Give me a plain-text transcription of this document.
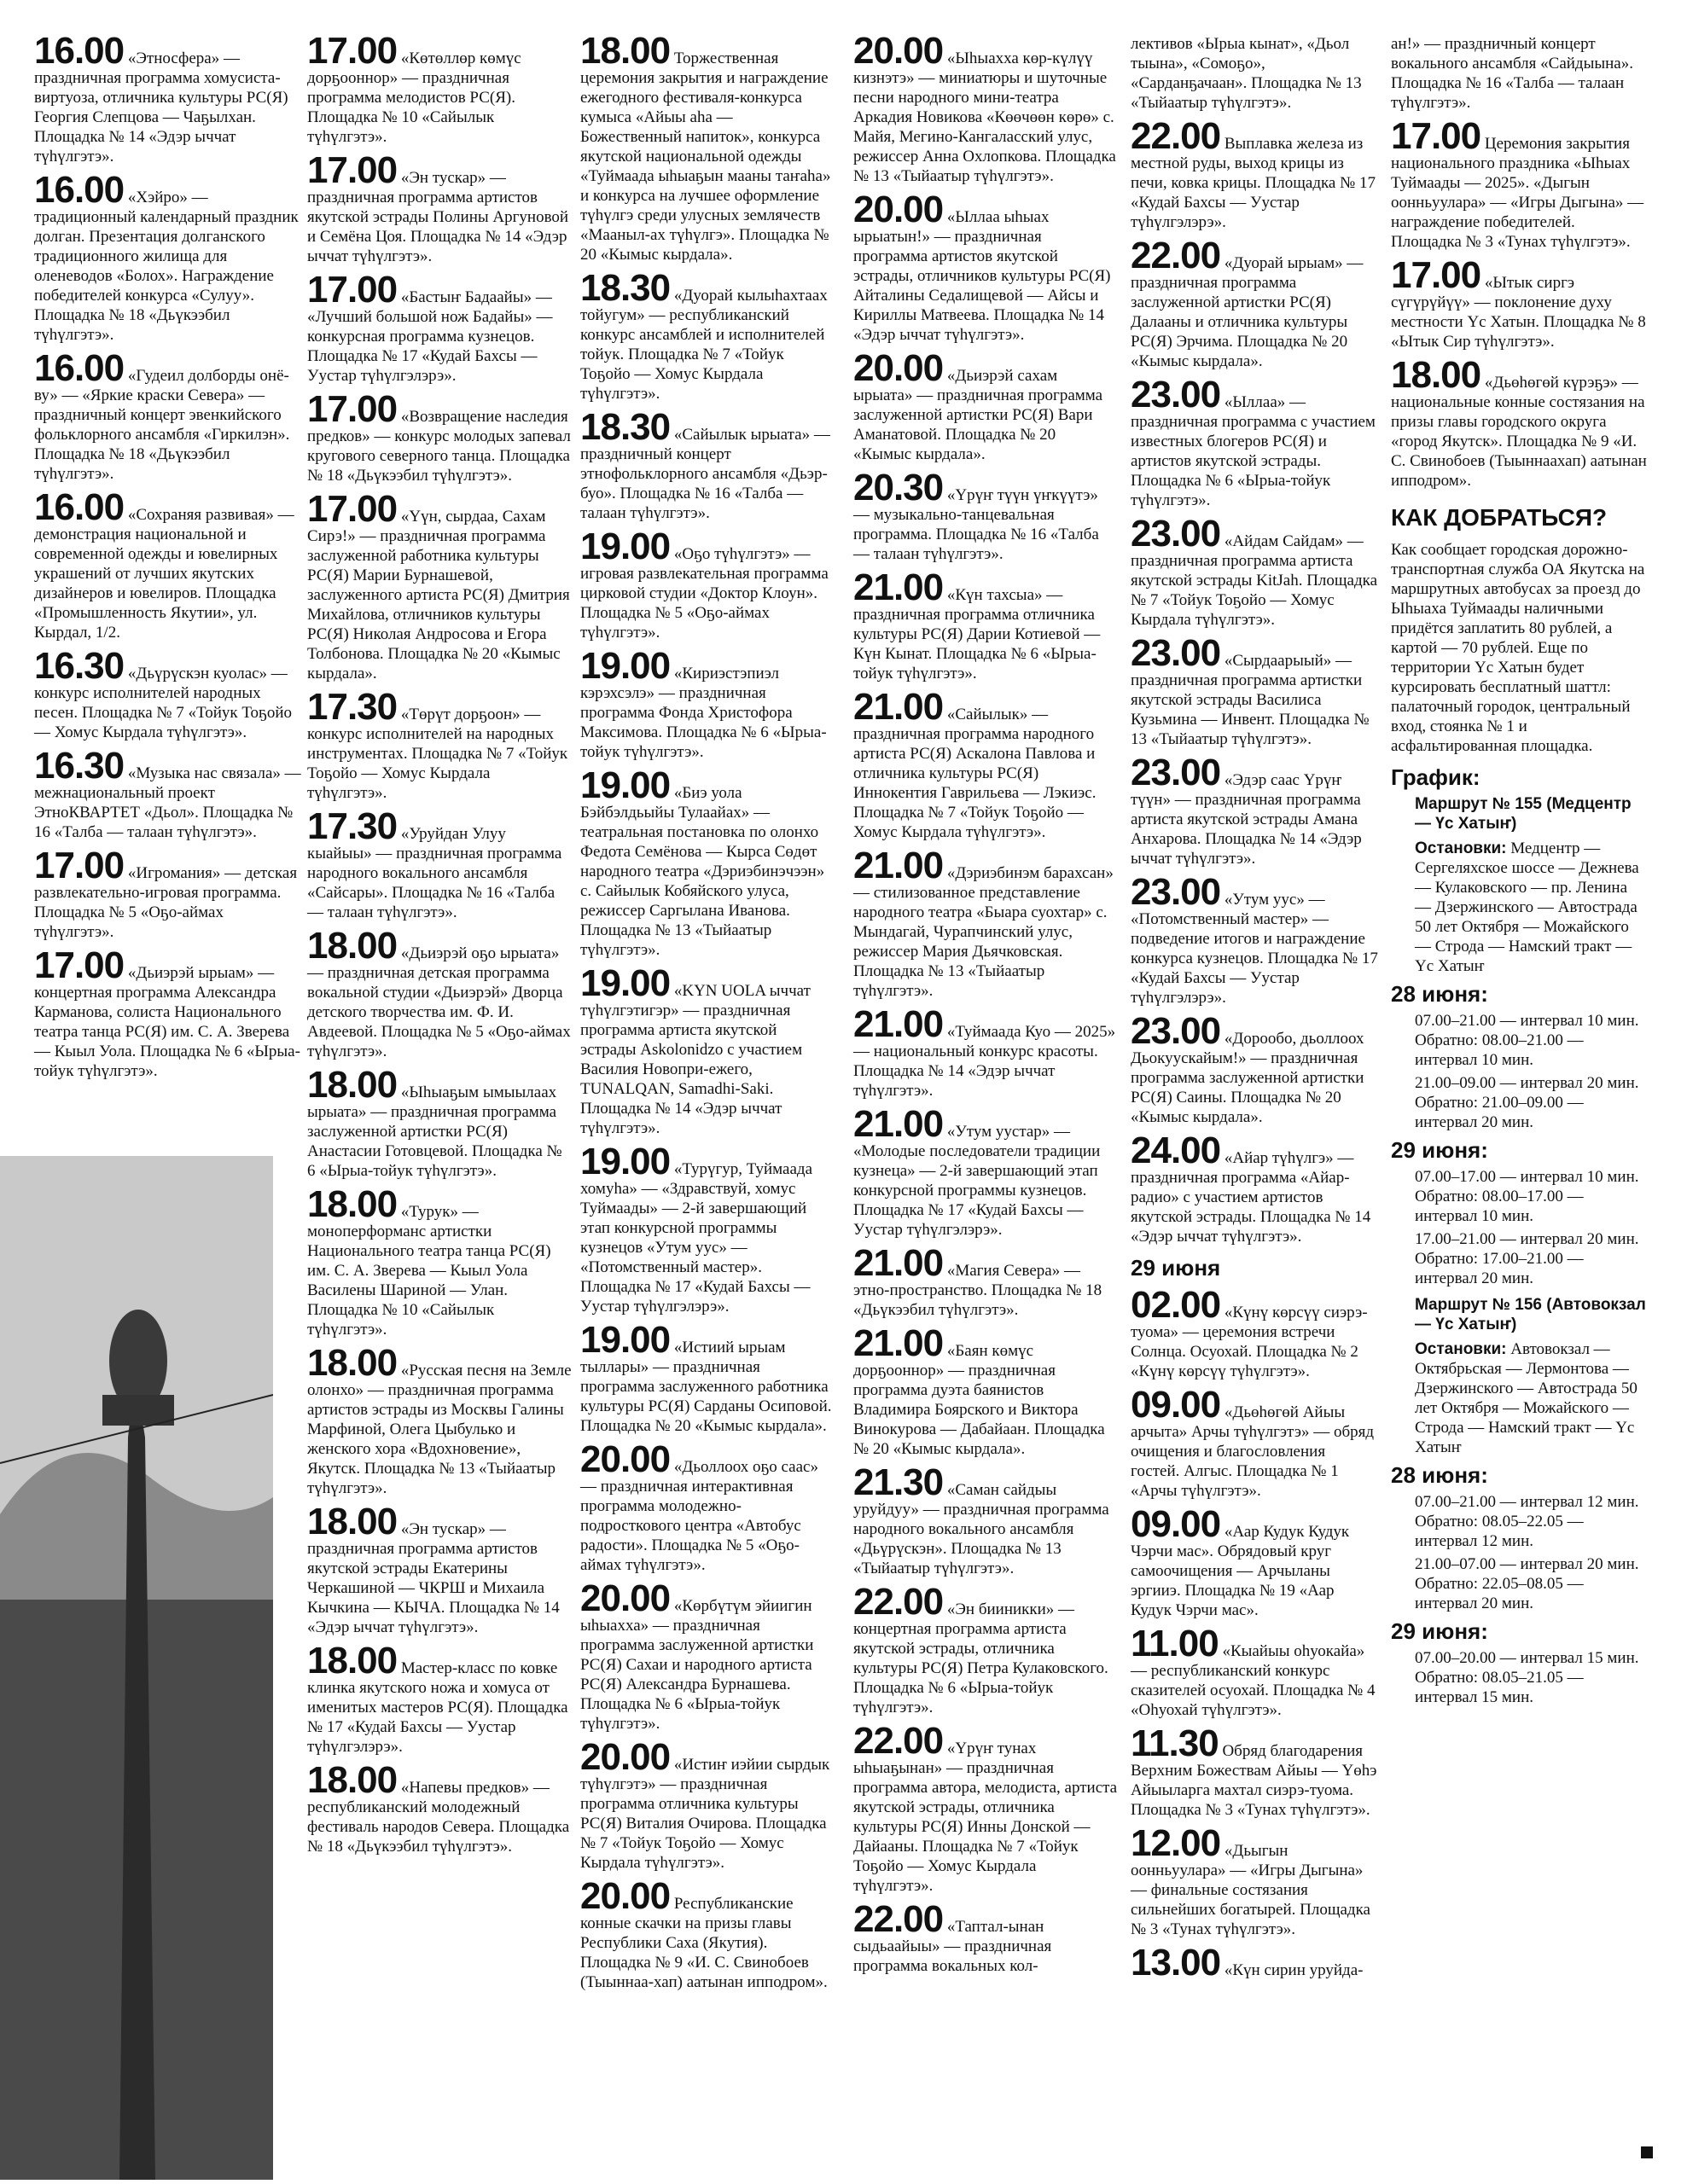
16.00 «Этносфера» — праздничная программа хомусиста-виртуоза, отличника культуры РС(Я) Георгия Слепцова — Чаҕылхан. Площадка № 14 «Эдэр ыччат түһүлгэтэ».
16.00 «Хэйро» — традиционный календарный праздник долган. Презентация долганского традиционного жилища для оленеводов «Болох». Награждение победителей конкурса «Сулуу». Площадка № 18 «Дьүкээбил түһүлгэтэ».
16.00 «Гудеил долборды онё-ву» — «Яркие краски Севера» — праздничный концерт эвенкийского фольклорного ансамбля «Гиркилэн». Площадка № 18 «Дьүкээбил түһүлгэтэ».
16.00 «Сохраняя развивая» — демонстрация национальной и современной одежды и ювелирных украшений от лучших якутских дизайнеров и ювелиров. Площадка «Промышленность Якутии», ул. Кырдал, 1/2.
16.30 «Дьүрүскэн куолас» — конкурс исполнителей народных песен. Площадка № 7 «Тойук Тоҕойо — Хомус Кырдала түһүлгэтэ».
16.30 «Музыка нас связала» — межнациональный проект ЭтноКВАРТЕТ «Дьол». Площадка № 16 «Талба — талаан түһүлгэтэ».
17.00 «Игромания» — детская развлекательно-игровая программа. Площадка № 5 «Оҕо-аймах түһүлгэтэ».
17.00 «Дьиэрэй ырыам» — концертная программа Александра Карманова, солиста Национального театра танца РС(Я) им. С. А. Зверева — Кыыл Уола. Площадка № 6 «Ырыа-тойук түһүлгэтэ».
17.00 «Көтөллөр көмүс дорҕооннор» — праздничная программа мелодистов РС(Я). Площадка № 10 «Сайылык түһүлгэтэ».
17.00 «Эн тускар» — праздничная программа артистов якутской эстрады Полины Аргуновой и Семёна Цоя. Площадка № 14 «Эдэр ыччат түһүлгэтэ».
17.00 «Бастыҥ Бадаайы» — «Лучший большой нож Бадайы» — конкурсная программа кузнецов. Площадка № 17 «Кудай Бахсы — Уустар түһүлгэлэрэ».
17.00 «Возвращение наследия предков» — конкурс молодых запевал кругового северного танца. Площадка № 18 «Дьүкээбил түһүлгэтэ».
17.00 «Үүн, сырдаа, Сахам Сирэ!» — праздничная программа заслуженной работника культуры РС(Я) Марии Бурнашевой, заслуженного артиста РС(Я) Дмитрия Михайлова, отличников культуры РС(Я) Николая Андросова и Егора Толбонова. Площадка № 20 «Кымыс кырдала».
17.30 «Төрүт дорҕоон» — конкурс исполнителей на народных инструментах. Площадка № 7 «Тойук Тоҕойо — Хомус Кырдала түһүлгэтэ».
17.30 «Уруйдан Улуу кыайыы» — праздничная программа народного вокального ансамбля «Сайсары». Площадка № 16 «Талба — талаан түһүлгэтэ».
18.00 «Дьиэрэй оҕо ырыата» — праздничная детская программа вокальной студии «Дьиэрэй» Дворца детского творчества им. Ф. И. Авдеевой. Площадка № 5 «Оҕо-аймах түһүлгэтэ».
18.00 «Ыһыаҕым ымыылаах ырыата» — праздничная программа заслуженной артистки РС(Я) Анастасии Готовцевой. Площадка № 6 «Ырыа-тойук түһүлгэтэ».
18.00 «Турук» — моноперформанс артистки Национального театра танца РС(Я) им. С. А. Зверева — Кыыл Уола Василены Шариной — Улан. Площадка № 10 «Сайылык түһүлгэтэ».
18.00 «Русская песня на Земле олонхо» — праздничная программа артистов эстрады из Москвы Галины Марфиной, Олега Цыбулько и женского хора «Вдохновение», Якутск. Площадка № 13 «Тыйаатыр түһүлгэтэ».
18.00 «Эн тускар» — праздничная программа артистов якутской эстрады Екатерины Черкашиной — ЧКРШ и Михаила Кычкина — КЫЧА. Площадка № 14 «Эдэр ыччат түһүлгэтэ».
18.00 Мастер-класс по ковке клинка якутского ножа и хомуса от именитых мастеров РС(Я). Площадка № 17 «Кудай Бахсы — Уустар түһүлгэлэрэ».
18.00 «Напевы предков» — республиканский молодежный фестиваль народов Севера. Площадка № 18 «Дьүкээбил түһүлгэтэ».
18.00 Торжественная церемония закрытия и награждение ежегодного фестиваля-конкурса кумыса «Айыы аһа — Божественный напиток», конкурса якутской национальной одежды «Туймаада ыһыаҕын мааны таҥаһа» и конкурса на лучшее оформление түһүлгэ среди улусных землячеств «Мааныл-ах түһүлгэ». Площадка № 20 «Кымыс кырдала».
18.30 «Дуорай кылыһахтаах тойугум» — республиканский конкурс ансамблей и исполнителей тойук. Площадка № 7 «Тойук Тоҕойо — Хомус Кырдала түһүлгэтэ».
18.30 «Сайылык ырыата» — праздничный концерт этнофольклорного ансамбля «Дьэр-буо». Площадка № 16 «Талба — талаан түһүлгэтэ».
19.00 «Оҕо түһүлгэтэ» — игровая развлекательная программа цирковой студии «Доктор Клоун». Площадка № 5 «Оҕо-аймах түһүлгэтэ».
19.00 «Кириэстэпиэл кэрэхсэлэ» — праздничная программа Фонда Христофора Максимова. Площадка № 6 «Ырыа-тойук түһүлгэтэ».
19.00 «Биэ уола Бэйбэлдьыйы Тулаайах» — театральная постановка по олонхо Федота Семёнова — Кырса Сөдөт народного театра «Дэриэбинэчээн» с. Сайылык Кобяйского улуса, режиссер Саргылана Иванова. Площадка № 13 «Тыйаатыр түһүлгэтэ».
19.00 «KYN UOLA ыччат түһүлгэтигэр» — праздничная программа артиста якутской эстрады Askolonidzo с участием Василия Новопри-ежего, TUNALQAN, Samadhi-Saki. Площадка № 14 «Эдэр ыччат түһүлгэтэ».
19.00 «Турүгур, Туймаада хомуһа» — «Здравствуй, хомус Туймаады» — 2-й завершающий этап конкурсной программы кузнецов «Утум уус» — «Потомственный мастер». Площадка № 17 «Кудай Бахсы — Уустар түһүлгэлэрэ».
19.00 «Истиий ырыам тыллары» — праздничная программа заслуженного работника культуры РС(Я) Сарданы Осиповой. Площадка № 20 «Кымыс кырдала».
20.00 «Дьоллоох оҕо саас» — праздничная интерактивная программа молодежно-подросткового центра «Автобус радости». Площадка № 5 «Оҕо-аймах түһүлгэтэ».
20.00 «Көрбүтүм эйиигин ыһыахха» — праздничная программа заслуженной артистки РС(Я) Сахаи и народного артиста РС(Я) Александра Бурнашева. Площадка № 6 «Ырыа-тойук түһүлгэтэ».
20.00 «Истиҥ иэйии сырдык түһүлгэтэ» — праздничная программа отличника культуры РС(Я) Виталия Очирова. Площадка № 7 «Тойук Тоҕойо — Хомус Кырдала түһүлгэтэ».
20.00 Республиканские конные скачки на призы главы Республики Саха (Якутия). Площадка № 9 «И. С. Свинобоев (Тыыннаа-хап) аатынан ипподром».
20.00 «Ыһыахха көр-күлүү кизнэтэ» — миниатюры и шуточные песни народного мини-театра Аркадия Новикова «Көөчөөн көрө» с. Майя, Мегино-Кангаласский улус, режиссер Анна Охлопкова. Площадка № 13 «Тыйаатыр түһүлгэтэ».
20.00 «Ыллаа ыһыах ырыатын!» — праздничная программа артистов якутской эстрады, отличников культуры РС(Я) Айталины Седалищевой — Айсы и Кириллы Матвеева. Площадка № 14 «Эдэр ыччат түһүлгэтэ».
20.00 «Дьиэрэй сахам ырыата» — праздничная программа заслуженной артистки РС(Я) Вари Аманатовой. Площадка № 20 «Кымыс кырдала».
20.30 «Үрүҥ түүн үҥкүүтэ» — музыкально-танцевальная программа. Площадка № 16 «Талба — талаан түһүлгэтэ».
21.00 «Күн тахсыа» — праздничная программа отличника культуры РС(Я) Дарии Котиевой — Күн Кынат. Площадка № 6 «Ырыа-тойук түһүлгэтэ».
21.00 «Сайылык» — праздничная программа народного артиста РС(Я) Аскалона Павлова и отличника культуры РС(Я) Иннокентия Гаврильева — Лэкиэс. Площадка № 7 «Тойук Тоҕойо — Хомус Кырдала түһүлгэтэ».
21.00 «Дэриэбинэм барахсан» — стилизованное представление народного театра «Быара суохтар» с. Мындагай, Чурапчинский улус, режиссер Мария Дьячковская. Площадка № 13 «Тыйаатыр түһүлгэтэ».
21.00 «Туймаада Куо — 2025» — национальный конкурс красоты. Площадка № 14 «Эдэр ыччат түһүлгэтэ».
21.00 «Утум уустар» — «Молодые последователи традиции кузнеца» — 2-й завершающий этап конкурсной программы кузнецов. Площадка № 17 «Кудай Бахсы — Уустар түһүлгэлэрэ».
21.00 «Магия Севера» — этно-пространство. Площадка № 18 «Дьүкээбил түһүлгэтэ».
21.00 «Баян көмүс дорҕооннор» — праздничная программа дуэта баянистов Владимира Боярского и Виктора Винокурова — Дабайаан. Площадка № 20 «Кымыс кырдала».
21.30 «Саман сайдыы уруйдуу» — праздничная программа народного вокального ансамбля «Дьүрүскэн». Площадка № 13 «Тыйаатыр түһүлгэтэ».
22.00 «Эн бииникки» — концертная программа артиста якутской эстрады, отличника культуры РС(Я) Петра Кулаковского. Площадка № 6 «Ырыа-тойук түһүлгэтэ».
22.00 «Үрүҥ тунах ыһыаҕынан» — праздничная программа автора, мелодиста, артиста якутской эстрады, отличника культуры РС(Я) Инны Донской — Дайааны. Площадка № 7 «Тойук Тоҕойо — Хомус Кырдала түһүлгэтэ».
22.00 «Таптал-ынан сыдьаайыы» — праздничная программа вокальных кол-
лективов «Ырыа кынат», «Дьол тыына», «Сомоҕо», «Сарданҕачаан». Площадка № 13 «Тыйаатыр түһүлгэтэ».
22.00 Выплавка железа из местной руды, выход крицы из печи, ковка крицы. Площадка № 17 «Кудай Бахсы — Уустар түһүлгэлэрэ».
22.00 «Дуорай ырыам» — праздничная программа заслуженной артистки РС(Я) Далааны и отличника культуры РС(Я) Эрчима. Площадка № 20 «Кымыс кырдала».
23.00 «Ыллаа» — праздничная программа с участием известных блогеров РС(Я) и артистов якутской эстрады. Площадка № 6 «Ырыа-тойук түһүлгэтэ».
23.00 «Айдам Сайдам» — праздничная программа артиста якутской эстрады KitJah. Площадка № 7 «Тойук Тоҕойо — Хомус Кырдала түһүлгэтэ».
23.00 «Сырдаарыый» — праздничная программа артистки якутской эстрады Василиса Кузьмина — Инвент. Площадка № 13 «Тыйаатыр түһүлгэтэ».
23.00 «Эдэр саас Үрүҥ түүн» — праздничная программа артиста якутской эстрады Амана Анхарова. Площадка № 14 «Эдэр ыччат түһүлгэтэ».
23.00 «Утум уус» — «Потомственный мастер» — подведение итогов и награждение конкурса кузнецов. Площадка № 17 «Кудай Бахсы — Уустар түһүлгэлэрэ».
23.00 «Дорообо, дьоллоох Дьокуускайым!» — праздничная программа заслуженной артистки РС(Я) Саины. Площадка № 20 «Кымыс кырдала».
24.00 «Айар түһүлгэ» — праздничная программа «Айар-радио» с участием артистов якутской эстрады. Площадка № 14 «Эдэр ыччат түһүлгэтэ».
29 июня
02.00 «Күнү көрсүү сиэрэ-туома» — церемония встречи Солнца. Осуохай. Площадка № 2 «Күнү көрсүү түһүлгэтэ».
09.00 «Дьөһөгөй Айыы арчыта» Арчы түһүлгэтэ» — обряд очищения и благословления гостей. Алгыс. Площадка № 1 «Арчы түһүлгэтэ».
09.00 «Аар Кудук Кудук Чэрчи мас». Обрядовый круг самоочищения — Арчыланы эргииэ. Площадка № 19 «Аар Кудук Чэрчи мас».
11.00 «Кыайыы оһуокайа» — республиканский конкурс сказителей осуохай. Площадка № 4 «Оһуохай түһүлгэтэ».
11.30 Обряд благодарения Верхним Божествам Айыы — Үөһэ Айыыларга махтал сиэрэ-туома. Площадка № 3 «Тунах түһүлгэтэ».
12.00 «Дьыгын оонньуулара» — «Игры Дыгына» — финальные состязания сильнейших богатырей. Площадка № 3 «Тунах түһүлгэтэ».
13.00 «Күн сирин уруйда-
ан!» — праздничный концерт вокального ансамбля «Сайдыына». Площадка № 16 «Талба — талаан түһүлгэтэ».
17.00 Церемония закрытия национального праздника «Ыһыах Туймаады — 2025». «Дыгын оонньуулара» — «Игры Дыгына» — награждение победителей. Площадка № 3 «Тунах түһүлгэтэ».
17.00 «Ытык сиргэ сүгүрүйүү» — поклонение духу местности Үс Хатын. Площадка № 8 «Ытык Сир түһүлгэтэ».
18.00 «Дьөһөгөй күрэҕэ» — национальные конные состязания на призы главы городского округа «город Якутск». Площадка № 9 «И. С. Свинобоев (Тыыннаахап) аатынан ипподром».
КАК ДОБРАТЬСЯ?
Как сообщает городская дорожно-транспортная служба ОА Якутска на маршрутных автобусах за проезд до Ыһыаха Туймаады наличными придётся заплатить 80 рублей, а картой — 70 рублей. Еще по территории Үс Хатын будет курсировать бесплатный шаттл: палаточный городок, центральный вход, стоянка № 1 и асфальтированная площадка.
График:
Маршрут № 155 (Медцентр — Үс Хатыҥ)
Остановки: Медцентр — Сергеляхское шоссе — Дежнева — Кулаковского — пр. Ленина — Дзержинского — Автострада 50 лет Октября — Можайского — Строда — Намский тракт — Үс Хатыҥ
28 июня:
07.00–21.00 — интервал 10 мин. Обратно: 08.00–21.00 — интервал 10 мин.
21.00–09.00 — интервал 20 мин. Обратно: 21.00–09.00 — интервал 20 мин.
29 июня:
07.00–17.00 — интервал 10 мин. Обратно: 08.00–17.00 — интервал 10 мин.
17.00–21.00 — интервал 20 мин. Обратно: 17.00–21.00 — интервал 20 мин.
Маршрут № 156 (Автовокзал — Үс Хатыҥ)
Остановки: Автовокзал — Октябрьская — Лермонтова — Дзержинского — Автострада 50 лет Октября — Можайского — Строда — Намский тракт — Үс Хатыҥ
28 июня:
07.00–21.00 — интервал 12 мин. Обратно: 08.05–22.05 — интервал 12 мин.
21.00–07.00 — интервал 20 мин. Обратно: 22.05–08.05 — интервал 20 мин.
29 июня:
07.00–20.00 — интервал 15 мин. Обратно: 08.05–21.05 — интервал 15 мин.
